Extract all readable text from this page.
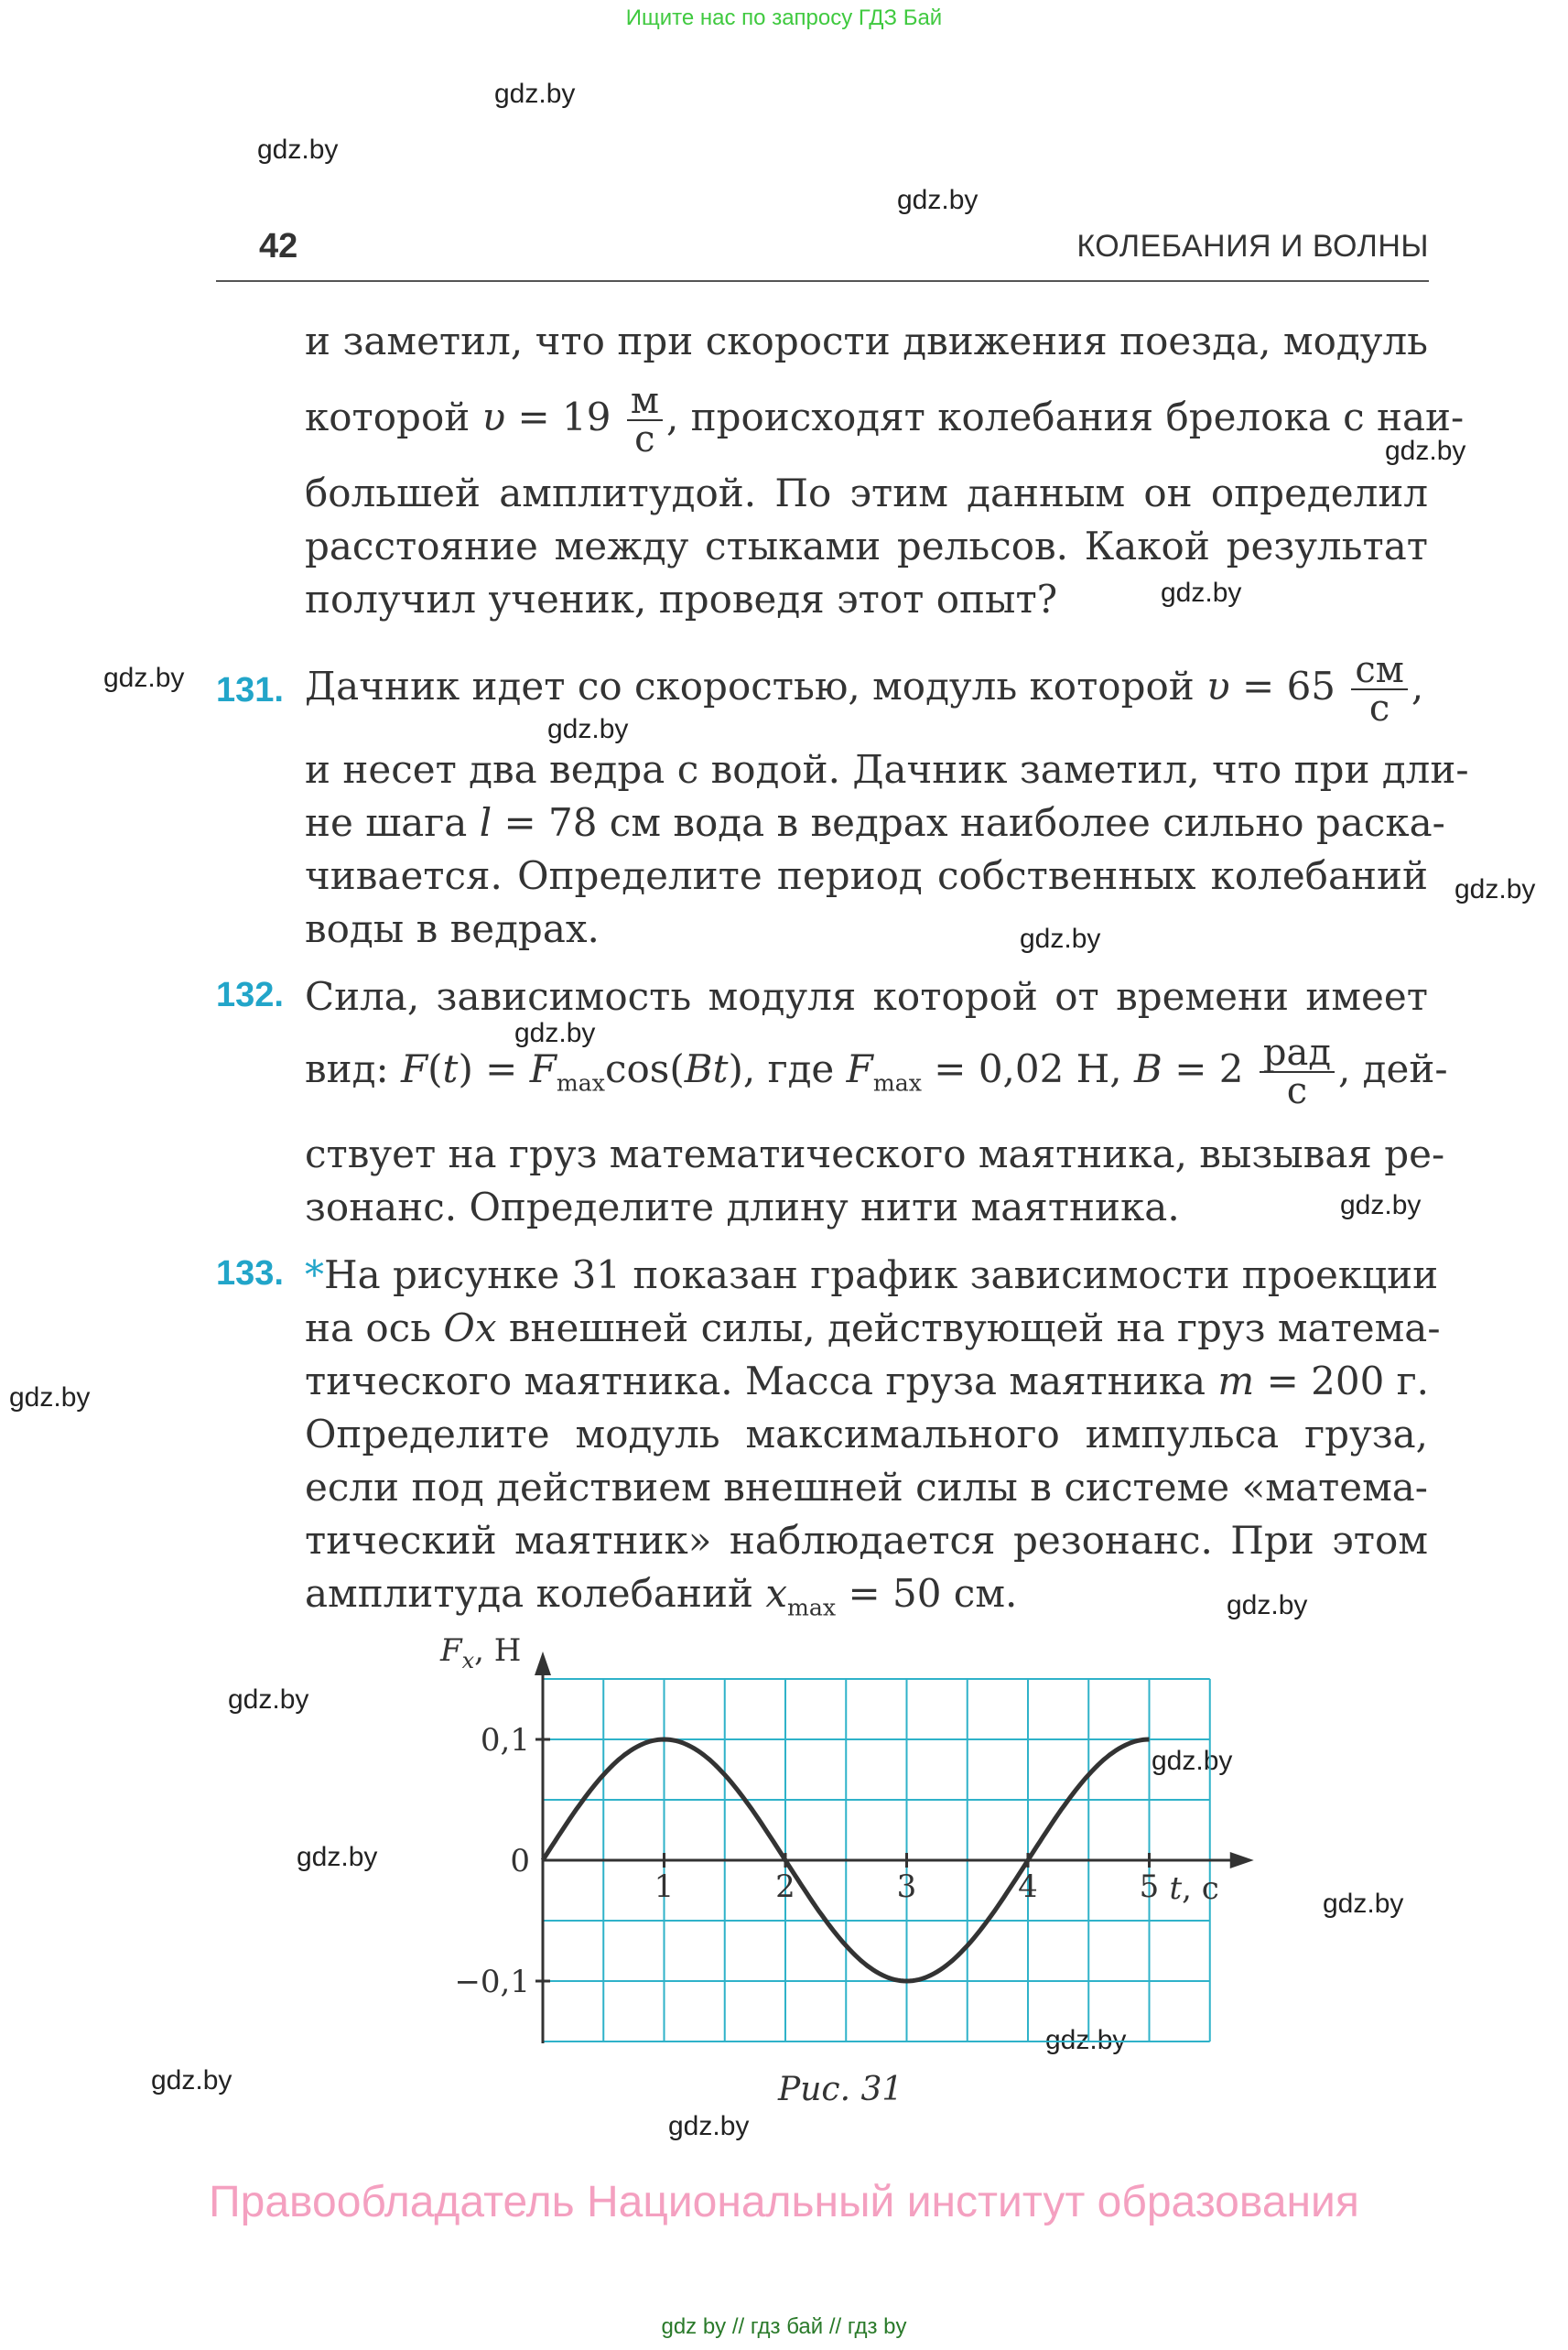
Ищите нас по запросу ГДЗ Бай
gdz.by
gdz.by
gdz.by
gdz.by
gdz.by
gdz.by
gdz.by
gdz.by
gdz.by
gdz.by
gdz.by
gdz.by
gdz.by
gdz.by
gdz.by
gdz.by
gdz.by
gdz.by
gdz.by
gdz.by
42	КОЛЕБАНИЯ И ВОЛНЫ
и заметил, что при скорости движения поезда, модуль
которой $\upsilon = 19 \frac{м}{с}$ , происходят колебания брелока с наи-
большей амплитудой. По этим данным он определил
расстояние между стыками рельсов. Какой результат
получил ученик, проведя этот опыт?
131. Дачник идет со скоростью, модуль которой $\upsilon = 65 \frac{см}{с}$ ,
и несет два ведра с водой. Дачник заметил, что при дли-
не шага l = 78 см вода в ведрах наиболее сильно раска-
чивается. Определите период собственных колебаний
воды в ведрах.
132. Сила, зависимость модуля которой от времени имеет
вид: $F(t) = F_{max}\cos(Bt)$, где $F_{max} = 0,02$ Н, $B = 2 \frac{\text{рад}}{с}$ , дей-
ствует на груз математического маятника, вызывая ре-
зонанс. Определите длину нити маятника.
133. *На рисунке 31 показан график зависимости проекции
на ось Ox внешней силы, действующей на груз матема-
тического маятника. Масса груза маятника m = 200 г.
Определите модуль максимального импульса груза,
если под действием внешней силы в системе «матема-
тический маятник» наблюдается резонанс. При этом
амплитуда колебаний $x_{max} = 50$ см.
1	2	3	4	5
0,1
0
−0,1
$F_x$, Н
t, с
Рис. 31
Правообладатель Национальный институт образования
gdz by // гдз бай // гдз by
